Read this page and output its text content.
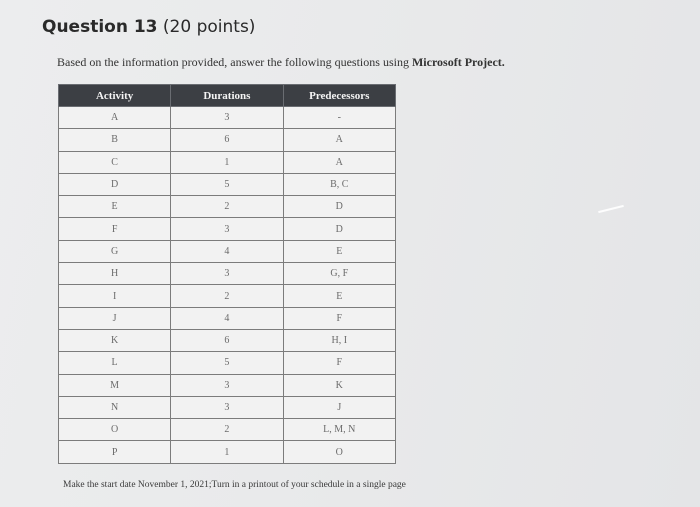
Question 13 (20 points)
Based on the information provided, answer the following questions using Microsoft Project.
Activity	Durations	Predecessors
A	3	-
B	6	A
C	1	A
D	5	B, C
E	2	D
F	3	D
G	4	E
H	3	G, F
I	2	E
J	4	F
K	6	H, I
L	5	F
M	3	K
N	3	J
O	2	L, M, N
P	1	O
Make the start date November 1, 2021;Turn in a printout of your schedule in a single page
